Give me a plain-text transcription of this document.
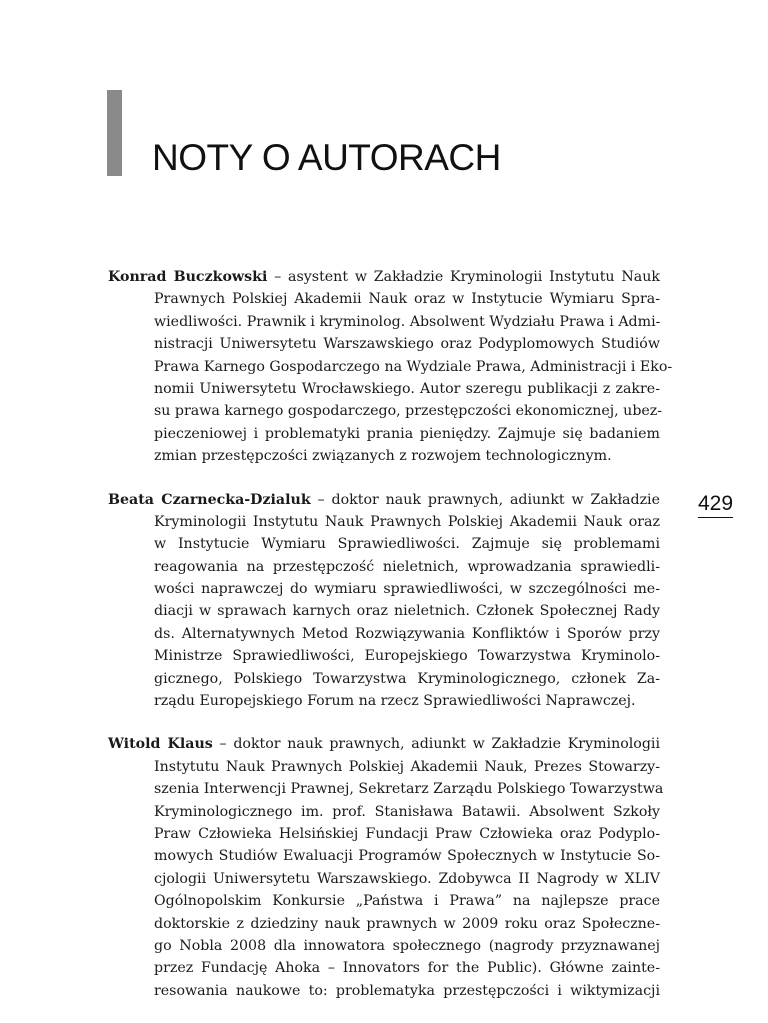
NOTY O AUTORACH
429
Konrad Buczkowski – asystent w Zakładzie Kryminologii Instytutu Nauk
Prawnych Polskiej Akademii Nauk oraz w Instytucie Wymiaru Spra-
wiedliwości. Prawnik i kryminolog. Absolwent Wydziału Prawa i Admi-
nistracji Uniwersytetu Warszawskiego oraz Podyplomowych Studiów
Prawa Karnego Gospodarczego na Wydziale Prawa, Administracji i Eko-
nomii Uniwersytetu Wrocławskiego. Autor szeregu publikacji z zakre-
su prawa karnego gospodarczego, przestępczości ekonomicznej, ubez-
pieczeniowej i problematyki prania pieniędzy. Zajmuje się badaniem
zmian przestępczości związanych z rozwojem technologicznym.
Beata Czarnecka-Dzialuk – doktor nauk prawnych, adiunkt w Zakładzie
Kryminologii Instytutu Nauk Prawnych Polskiej Akademii Nauk oraz
w Instytucie Wymiaru Sprawiedliwości. Zajmuje się problemami
reagowania na przestępczość nieletnich, wprowadzania sprawiedli-
wości naprawczej do wymiaru sprawiedliwości, w szczególności me-
diacji w sprawach karnych oraz nieletnich. Członek Społecznej Rady
ds. Alternatywnych Metod Rozwiązywania Konfliktów i Sporów przy
Ministrze Sprawiedliwości, Europejskiego Towarzystwa Kryminolo-
gicznego, Polskiego Towarzystwa Kryminologicznego, członek Za-
rządu Europejskiego Forum na rzecz Sprawiedliwości Naprawczej.
Witold Klaus – doktor nauk prawnych, adiunkt w Zakładzie Kryminologii
Instytutu Nauk Prawnych Polskiej Akademii Nauk, Prezes Stowarzy-
szenia Interwencji Prawnej, Sekretarz Zarządu Polskiego Towarzystwa
Kryminologicznego im. prof. Stanisława Batawii. Absolwent Szkoły
Praw Człowieka Helsińskiej Fundacji Praw Człowieka oraz Podyplo-
mowych Studiów Ewaluacji Programów Społecznych w Instytucie So-
cjologii Uniwersytetu Warszawskiego. Zdobywca II Nagrody w XLIV
Ogólnopolskim Konkursie „Państwa i Prawa” na najlepsze prace
doktorskie z dziedziny nauk prawnych w 2009 roku oraz Społeczne-
go Nobla 2008 dla innowatora społecznego (nagrody przyznawanej
przez Fundację Ahoka – Innovators for the Public). Główne zainte-
resowania naukowe to: problematyka przestępczości i wiktymizacji
